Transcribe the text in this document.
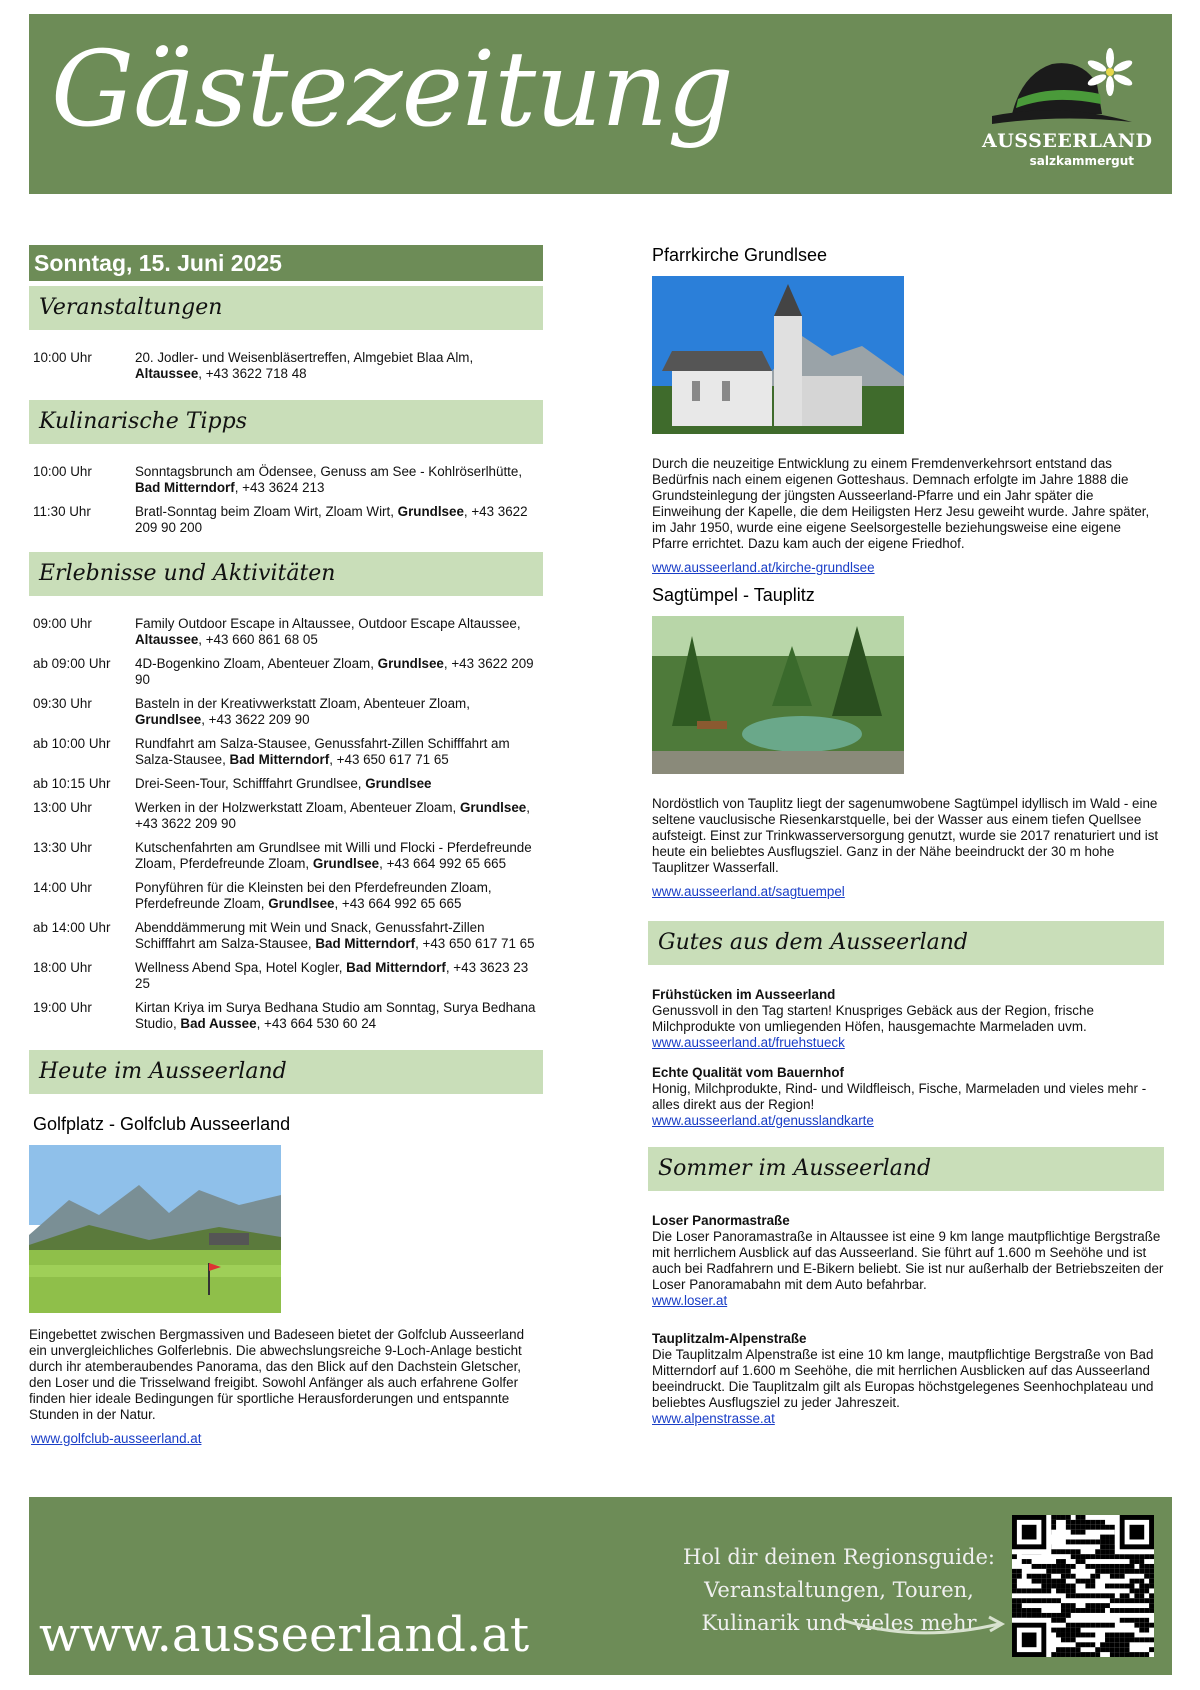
Gästezeitung	AUSSEERLAND
salzkammergut
Sonntag, 15. Juni 2025
Veranstaltungen
10:00 Uhr	20. Jodler- und Weisenbläsertreffen, Almgebiet Blaa Alm, Altaussee, +43 3622 718 48
Kulinarische Tipps
10:00 Uhr	Sonntagsbrunch am Ödensee, Genuss am See - Kohlröserlhütte, Bad Mitterndorf, +43 3624 213
11:30 Uhr	Bratl-Sonntag beim Zloam Wirt, Zloam Wirt, Grundlsee, +43 3622 209 90 200
Erlebnisse und Aktivitäten
09:00 Uhr	Family Outdoor Escape in Altaussee, Outdoor Escape Altaussee, Altaussee, +43 660 861 68 05
ab 09:00 Uhr	4D-Bogenkino Zloam, Abenteuer Zloam, Grundlsee, +43 3622 209 90
09:30 Uhr	Basteln in der Kreativwerkstatt Zloam, Abenteuer Zloam, Grundlsee, +43 3622 209 90
ab 10:00 Uhr	Rundfahrt am Salza-Stausee, Genussfahrt-Zillen Schifffahrt am Salza-Stausee, Bad Mitterndorf, +43 650 617 71 65
ab 10:15 Uhr	Drei-Seen-Tour, Schifffahrt Grundlsee, Grundlsee
13:00 Uhr	Werken in der Holzwerkstatt Zloam, Abenteuer Zloam, Grundlsee, +43 3622 209 90
13:30 Uhr	Kutschenfahrten am Grundlsee mit Willi und Flocki - Pferdefreunde Zloam, Pferdefreunde Zloam, Grundlsee, +43 664 992 65 665
14:00 Uhr	Ponyführen für die Kleinsten bei den Pferdefreunden Zloam, Pferdefreunde Zloam, Grundlsee, +43 664 992 65 665
ab 14:00 Uhr	Abenddämmerung mit Wein und Snack, Genussfahrt-Zillen Schifffahrt am Salza-Stausee, Bad Mitterndorf, +43 650 617 71 65
18:00 Uhr	Wellness Abend Spa, Hotel Kogler, Bad Mitterndorf, +43 3623 23 25
19:00 Uhr	Kirtan Kriya im Surya Bedhana Studio am Sonntag, Surya Bedhana Studio, Bad Aussee, +43 664 530 60 24
Heute im Ausseerland
Golfplatz - Golfclub Ausseerland
Eingebettet zwischen Bergmassiven und Badeseen bietet der Golfclub Ausseerland ein unvergleichliches Golferlebnis. Die abwechslungsreiche 9-Loch-Anlage besticht durch ihr atemberaubendes Panorama, das den Blick auf den Dachstein Gletscher, den Loser und die Trisselwand freigibt. Sowohl Anfänger als auch erfahrene Golfer finden hier ideale Bedingungen für sportliche Herausforderungen und entspannte Stunden in der Natur.
www.golfclub-ausseerland.at
Pfarrkirche Grundlsee
Durch die neuzeitige Entwicklung zu einem Fremdenverkehrsort entstand das Bedürfnis nach einem eigenen Gotteshaus. Demnach erfolgte im Jahre 1888 die Grundsteinlegung der jüngsten Ausseerland-Pfarre und ein Jahr später die Einweihung der Kapelle, die dem Heiligsten Herz Jesu geweiht wurde. Jahre später, im Jahr 1950, wurde eine eigene Seelsorgestelle beziehungsweise eine eigene Pfarre errichtet. Dazu kam auch der eigene Friedhof.
www.ausseerland.at/kirche-grundlsee
Sagtümpel - Tauplitz
Nordöstlich von Tauplitz liegt der sagenumwobene Sagtümpel idyllisch im Wald - eine seltene vauclusische Riesenkarstquelle, bei der Wasser aus einem tiefen Quellsee aufsteigt. Einst zur Trinkwasserversorgung genutzt, wurde sie 2017 renaturiert und ist heute ein beliebtes Ausflugsziel. Ganz in der Nähe beeindruckt der 30 m hohe Tauplitzer Wasserfall.
www.ausseerland.at/sagtuempel
Gutes aus dem Ausseerland
Frühstücken im Ausseerland
Genussvoll in den Tag starten! Knuspriges Gebäck aus der Region, frische Milchprodukte von umliegenden Höfen, hausgemachte Marmeladen uvm.
www.ausseerland.at/fruehstueck
Echte Qualität vom Bauernhof
Honig, Milchprodukte, Rind- und Wildfleisch, Fische, Marmeladen und vieles mehr - alles direkt aus der Region!
www.ausseerland.at/genusslandkarte
Sommer im Ausseerland
Loser Panormastraße
Die Loser Panoramastraße in Altaussee ist eine 9 km lange mautpflichtige Bergstraße mit herrlichem Ausblick auf das Ausseerland. Sie führt auf 1.600 m Seehöhe und ist auch bei Radfahrern und E-Bikern beliebt. Sie ist nur außerhalb der Betriebszeiten der Loser Panoramabahn mit dem Auto befahrbar.
www.loser.at
Tauplitzalm-Alpenstraße
Die Tauplitzalm Alpenstraße ist eine 10 km lange, mautpflichtige Bergstraße von Bad Mitterndorf auf 1.600 m Seehöhe, die mit herrlichen Ausblicken auf das Ausseerland beeindruckt. Die Tauplitzalm gilt als Europas höchstgelegenes Seenhochplateau und beliebtes Ausflugsziel zu jeder Jahreszeit.
www.alpenstrasse.at
www.ausseerland.at
Hol dir deinen Regionsguide:
Veranstaltungen, Touren,
Kulinarik und vieles mehr
